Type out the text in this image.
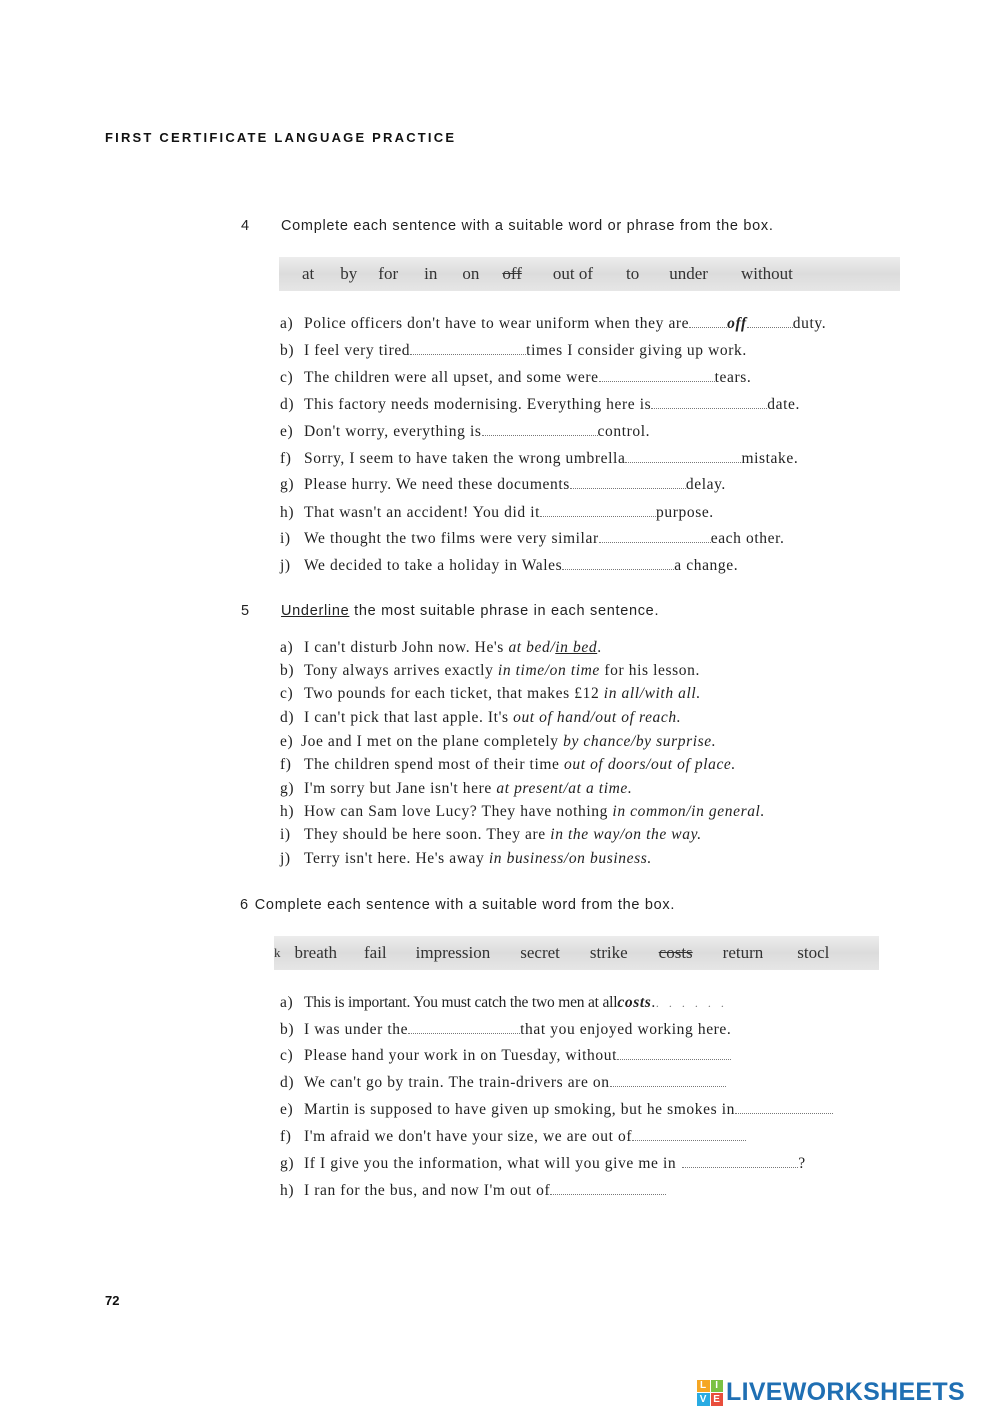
FIRST CERTIFICATE LANGUAGE PRACTICE
4 Complete each sentence with a suitable word or phrase from the box.
at by for in on off out of to under without
a) Police officers don't have to wear uniform when they are off	duty.
b) I feel very tired	times I consider giving up work.
c) The children were all upset, and some were	tears.
d) This factory needs modernising. Everything here is	date.
e) Don't worry, everything is	control.
f) Sorry, I seem to have taken the wrong umbrella	mistake.
g) Please hurry. We need these documents	delay.
h) That wasn't an accident! You did it	purpose.
i) We thought the two films were very similar	each other.
j) We decided to take a holiday in Wales	a change.
5 Underline the most suitable phrase in each sentence.
a) I can't disturb John now. He's at bed/in bed.
b) Tony always arrives exactly in time/on time for his lesson.
c) Two pounds for each ticket, that makes £12 in all/with all.
d) I can't pick that last apple. It's out of hand/out of reach.
e) Joe and I met on the plane completely by chance/by surprise.
f) The children spend most of their time out of doors/out of place.
g) I'm sorry but Jane isn't here at present/at a time.
h) How can Sam love Lucy? They have nothing in common/in general.
i) They should be here soon. They are in the way/on the way.
j) Terry isn't here. He's away in business/on business.
6 Complete each sentence with a suitable word from the box.
k breath fail impression secret strike costs return stocl
a) This is important. You must catch the two men at allcosts.......
b) I was under the	that you enjoyed working here.
c) Please hand your work in on Tuesday, without
d) We can't go by train. The train-drivers are on
e) Martin is supposed to have given up smoking, but he smokes in
f) I'm afraid we don't have your size, we are out of
g) If I give you the information, what will you give me in	?
h) I ran for the bus, and now I'm out of
72
L I
V E LIVEWORKSHEETS
